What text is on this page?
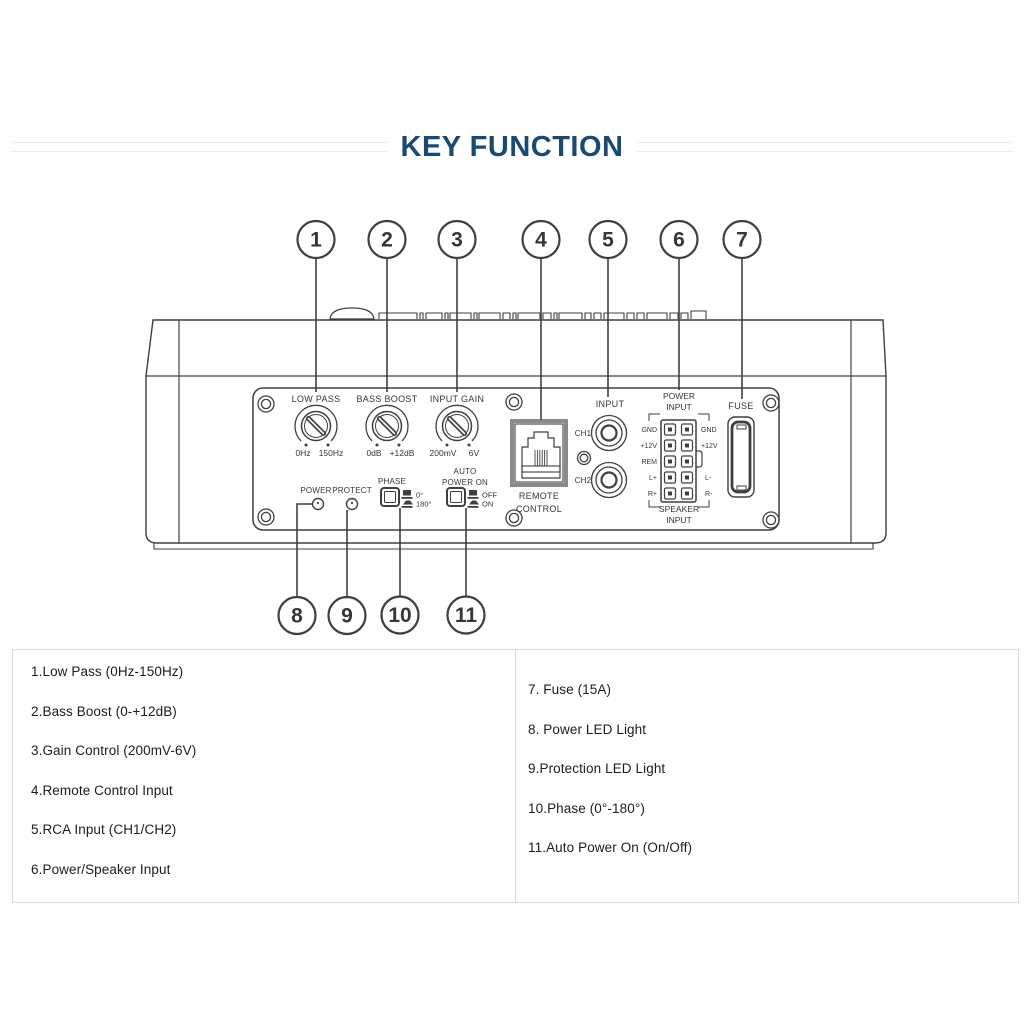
KEY FUNCTION
LOW PASS
0Hz 150Hz
BASS BOOST
0dB +12dB
INPUT GAIN
200mV 6V
REMOTE
CONTROL
INPUT
CH1
CH2
POWER
INPUT
GND
+12V
REM
L+
R+
GND
+12V
L-
R-
SPEAKER
INPUT
FUSE
POWER PROTECT
PHASE
0°
180°
AUTO
POWER ON
OFF
ON
1	2	3	4	5	6 7
8 9 10 11
1.Low Pass (0Hz-150Hz)
2.Bass Boost (0-+12dB)
3.Gain Control (200mV-6V)
4.Remote Control Input
5.RCA Input (CH1/CH2)
6.Power/Speaker Input
7. Fuse (15A)
8. Power LED Light
9.Protection LED Light
10.Phase (0°-180°)
11.Auto Power On (On/Off)
